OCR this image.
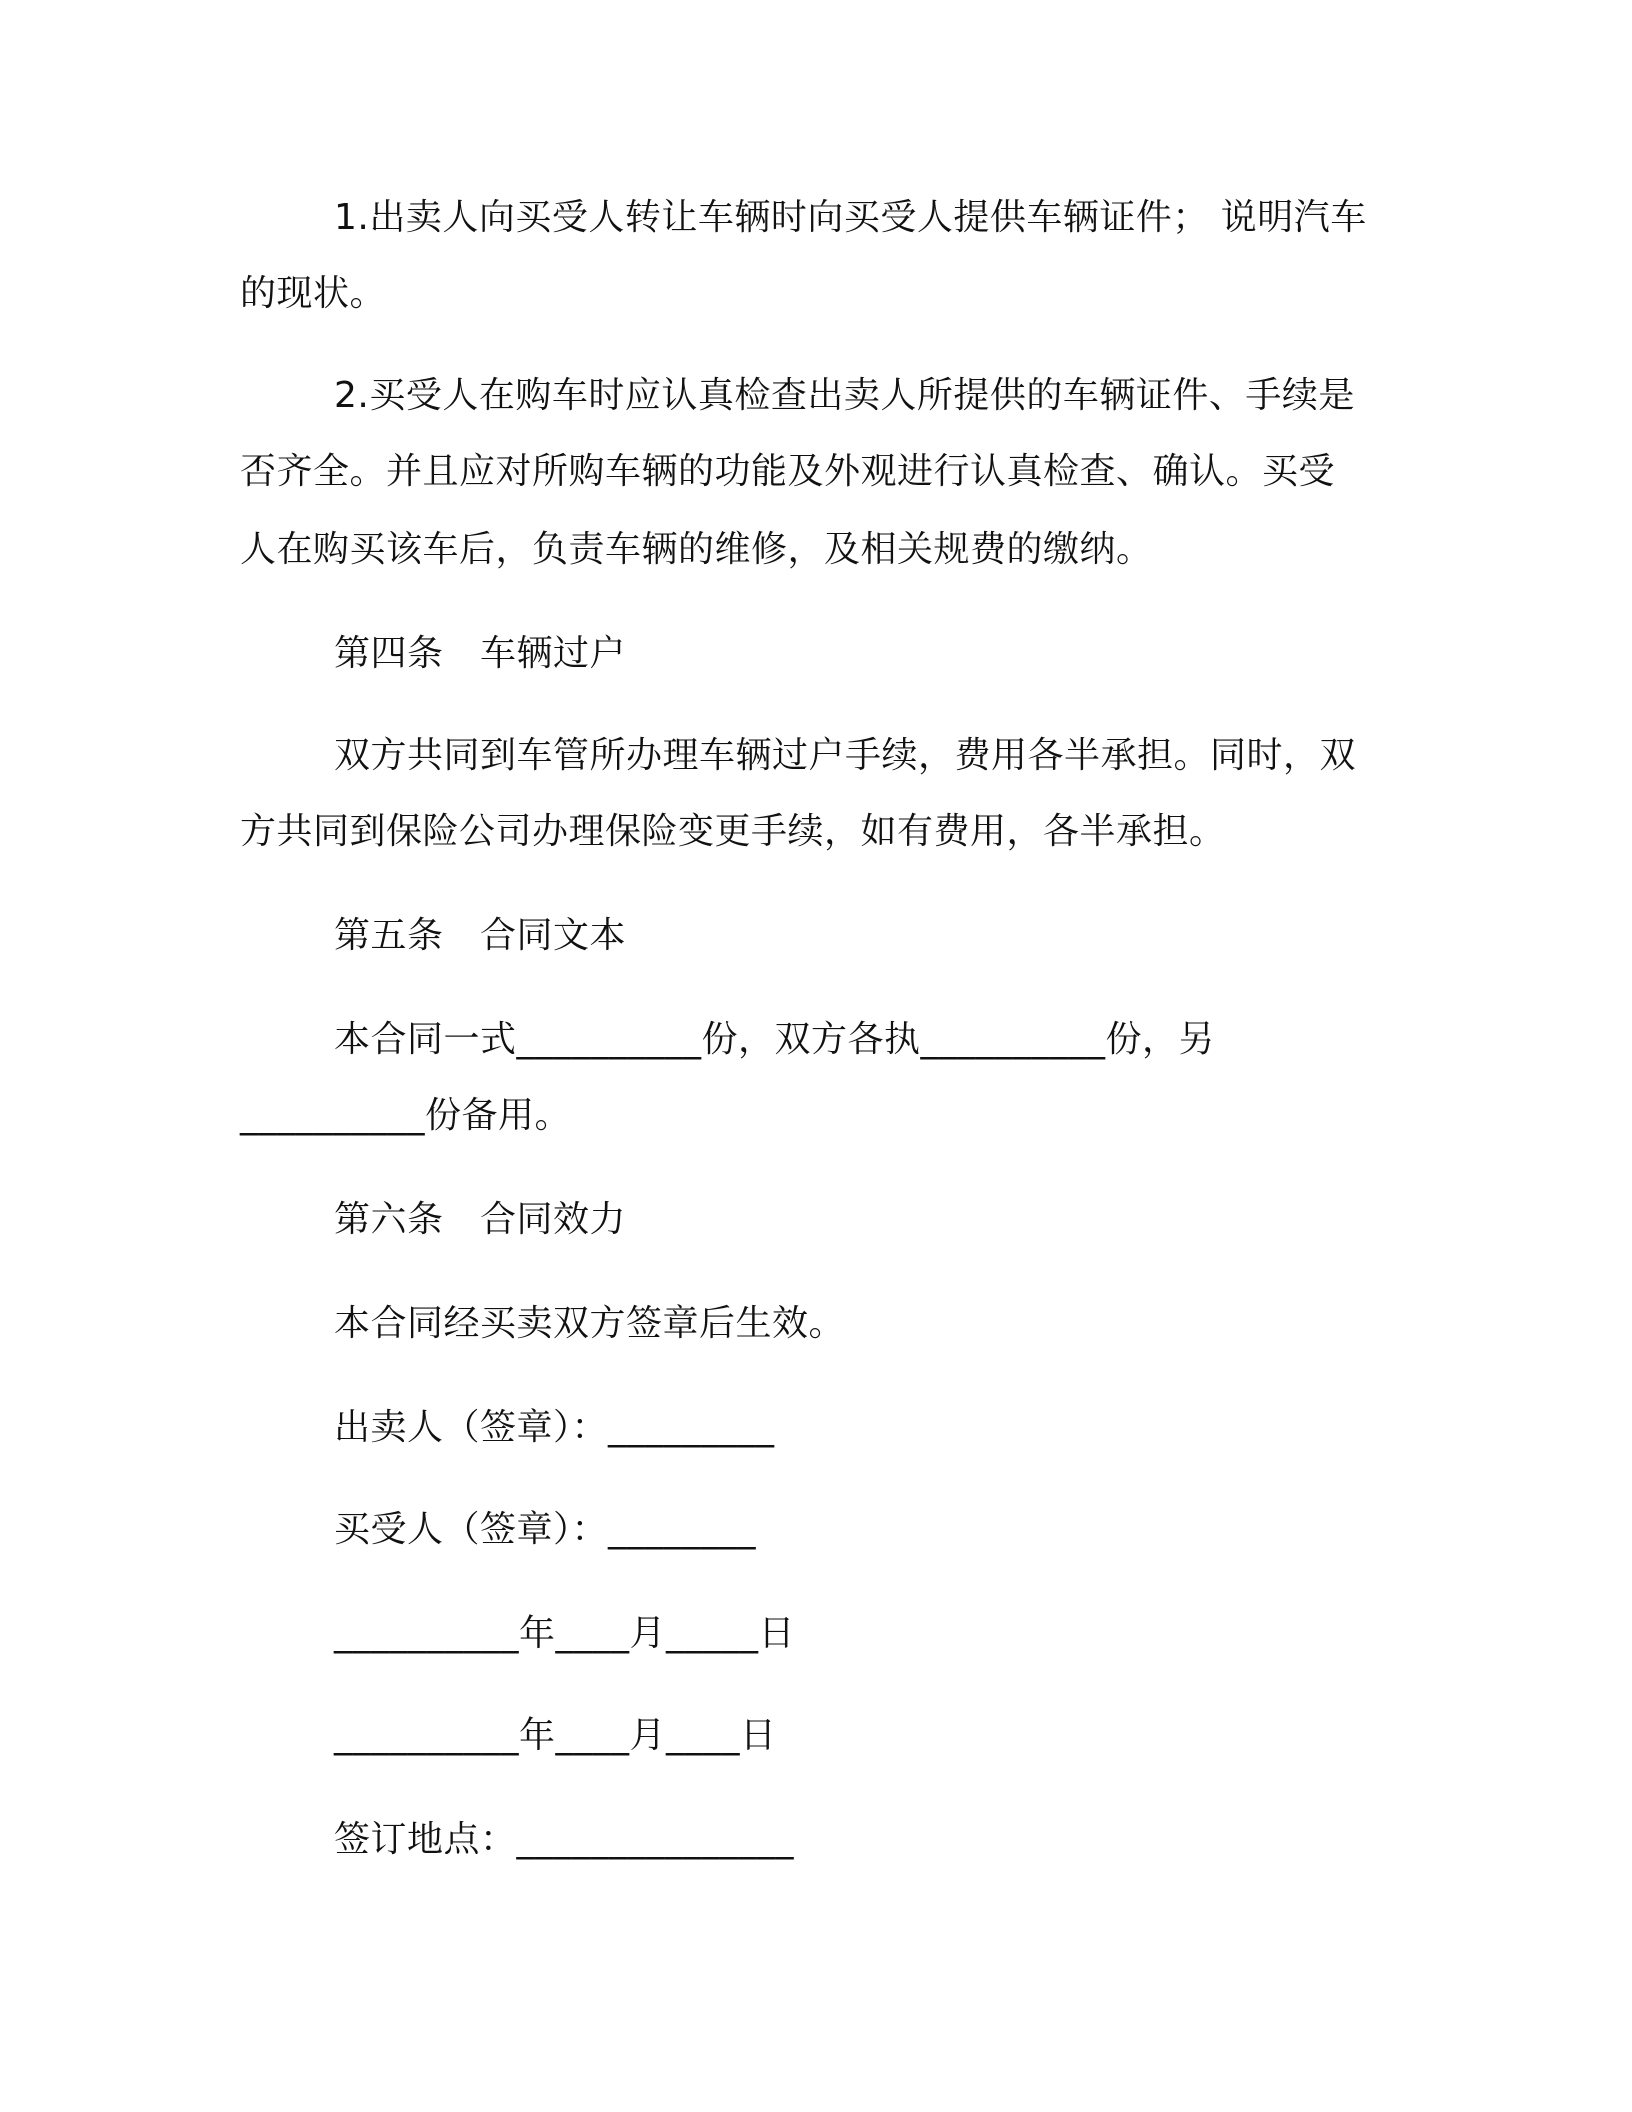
1.出卖人向买受人转让车辆时向买受人提供车辆证件； 说明汽车
的现状。
2.买受人在购车时应认真检查出卖人所提供的车辆证件、手续是
否齐全。并且应对所购车辆的功能及外观进行认真检查、确认。买受
人在购买该车后，负责车辆的维修，及相关规费的缴纳。
第四条　车辆过户
双方共同到车管所办理车辆过户手续，费用各半承担。同时，双
方共同到保险公司办理保险变更手续，如有费用，各半承担。
第五条　合同文本
本合同一式__________份，双方各执__________份，另
__________份备用。
第六条　合同效力
本合同经买卖双方签章后生效。
出卖人（签章）：_________
买受人（签章）：________
__________年____月_____日
__________年____月____日
签订地点：_______________
